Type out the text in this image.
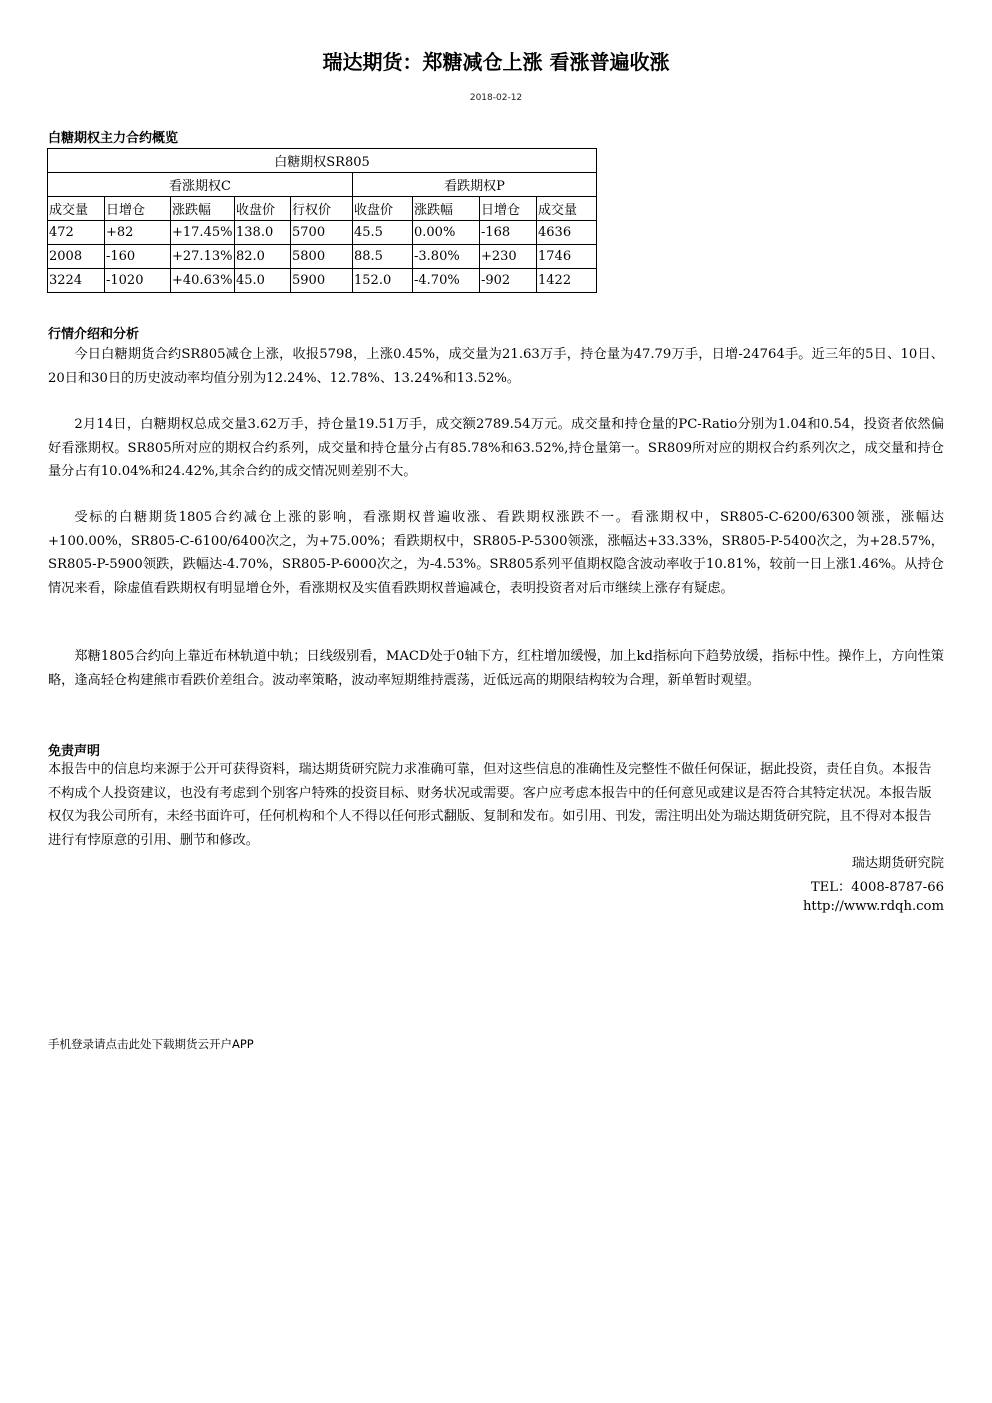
瑞达期货：郑糖减仓上涨 看涨普遍收涨
2018-02-12
白糖期权主力合约概览
白糖期权SR805								
看涨期权C					看跌期权P			
成交量	日增仓	涨跌幅	收盘价	行权价	收盘价	涨跌幅	日增仓	成交量
472	+82	+17.45%	138.0	5700	45.5	0.00%	-168	4636
2008	-160	+27.13%	82.0	5800	88.5	-3.80%	+230	1746
3224	-1020	+40.63%	45.0	5900	152.0	-4.70%	-902	1422
行情介绍和分析

今日白糖期货合约SR805减仓上涨，收报5798，上涨0.45%，成交量为21.63万手，持仓量为47.79万手，日增-24764手。近三年的5日、10日、20日和30日的历史波动率均值分别为12.24%、12.78%、13.24%和13.52%。

2月14日，白糖期权总成交量3.62万手，持仓量19.51万手，成交额2789.54万元。成交量和持仓量的PC-Ratio分别为1.04和0.54，投资者依然偏好看涨期权。SR805所对应的期权合约系列，成交量和持仓量分占有85.78%和63.52%,持仓量第一。SR809所对应的期权合约系列次之，成交量和持仓量分占有10.04%和24.42%,其余合约的成交情况则差别不大。

受标的白糖期货1805合约减仓上涨的影响，看涨期权普遍收涨、看跌期权涨跌不一。看涨期权中，SR805-C-6200/6300领涨，涨幅达+100.00%，SR805-C-6100/6400次之，为+75.00%；看跌期权中，SR805-P-5300领涨，涨幅达+33.33%，SR805-P-5400次之，为+28.57%，SR805-P-5900领跌，跌幅达-4.70%，SR805-P-6000次之，为-4.53%。SR805系列平值期权隐含波动率收于10.81%，较前一日上涨1.46%。从持仓情况来看，除虚值看跌期权有明显增仓外，看涨期权及实值看跌期权普遍减仓，表明投资者对后市继续上涨存有疑虑。

郑糖1805合约向上靠近布林轨道中轨；日线级别看，MACD处于0轴下方，红柱增加缓慢，加上kd指标向下趋势放缓，指标中性。操作上，方向性策略，逢高轻仓构建熊市看跌价差组合。波动率策略，波动率短期维持震荡，近低远高的期限结构较为合理，新单暂时观望。

免责声明
本报告中的信息均来源于公开可获得资料，瑞达期货研究院力求准确可靠，但对这些信息的准确性及完整性不做任何保证，据此投资，责任自负。本报告不构成个人投资建议，也没有考虑到个别客户特殊的投资目标、财务状况或需要。客户应考虑本报告中的任何意见或建议是否符合其特定状况。本报告版权仅为我公司所有，未经书面许可，任何机构和个人不得以任何形式翻版、复制和发布。如引用、刊发，需注明出处为瑞达期货研究院，且不得对本报告进行有悖原意的引用、删节和修改。
瑞达期货研究院
TEL：4008-8787-66
http://www.rdqh.com
手机登录请点击此处下载期货云开户APP
